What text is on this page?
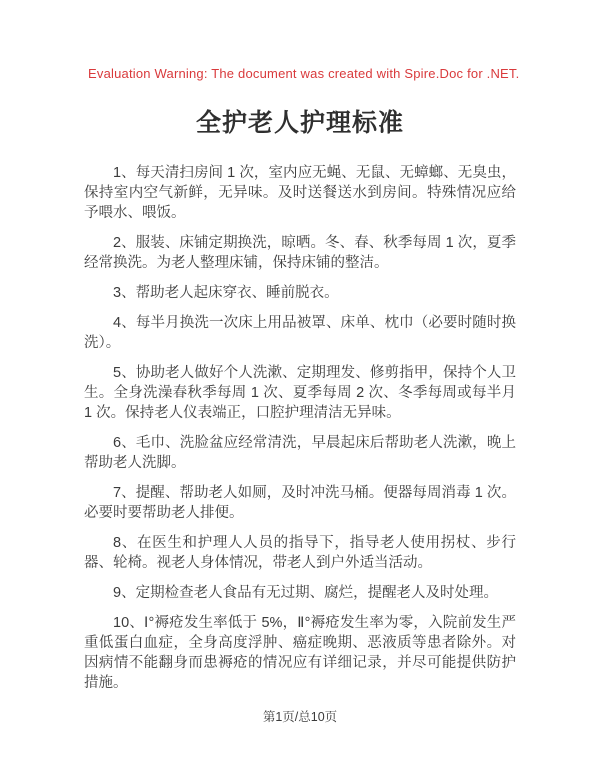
Evaluation Warning: The document was created with Spire.Doc for .NET.

全护老人护理标准

1、每天清扫房间 1 次，室内应无蝇、无鼠、无蟑螂、无臭虫，保持室内空气新鲜，无异味。及时送餐送水到房间。特殊情况应给予喂水、喂饭。

2、服装、床铺定期换洗，晾晒。冬、春、秋季每周 1 次，夏季经常换洗。为老人整理床铺，保持床铺的整洁。

3、帮助老人起床穿衣、睡前脱衣。

4、每半月换洗一次床上用品被罩、床单、枕巾（必要时随时换洗）。

5、协助老人做好个人洗漱、定期理发、修剪指甲，保持个人卫生。全身洗澡春秋季每周 1 次、夏季每周 2 次、冬季每周或每半月 1 次。保持老人仪表端正，口腔护理清洁无异味。

6、毛巾、洗脸盆应经常清洗，早晨起床后帮助老人洗漱，晚上帮助老人洗脚。

7、提醒、帮助老人如厕，及时冲洗马桶。便器每周消毒 1 次。必要时要帮助老人排便。

8、在医生和护理人人员的指导下，指导老人使用拐杖、步行器、轮椅。视老人身体情况，带老人到户外适当活动。

9、定期检查老人食品有无过期、腐烂，提醒老人及时处理。

10、Ⅰ°褥疮发生率低于 5%，Ⅱ°褥疮发生率为零，入院前发生严重低蛋白血症，全身高度浮肿、癌症晚期、恶液质等患者除外。对因病情不能翻身而患褥疮的情况应有详细记录，并尽可能提供防护措施。

第1页/总10页
